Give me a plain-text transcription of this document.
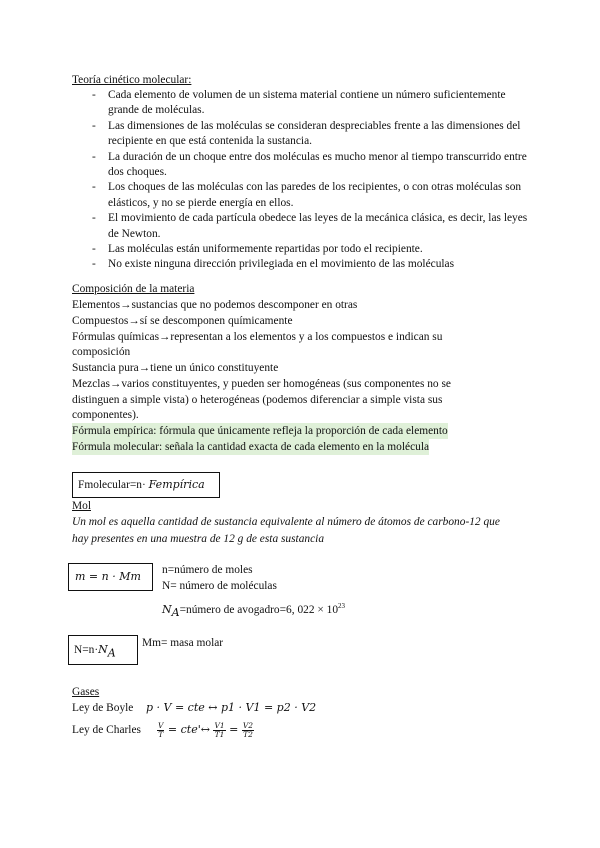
Teoría cinético molecular:
- Cada elemento de volumen de un sistema material contiene un número suficientemente grande de moléculas.
- Las dimensiones de las moléculas se consideran despreciables frente a las dimensiones del recipiente en que está contenida la sustancia.
- La duración de un choque entre dos moléculas es mucho menor al tiempo transcurrido entre dos choques.
- Los choques de las moléculas con las paredes de los recipientes, o con otras moléculas son elásticos, y no se pierde energía en ellos.
- El movimiento de cada partícula obedece las leyes de la mecánica clásica, es decir, las leyes de Newton.
- Las moléculas están uniformemente repartidas por todo el recipiente.
- No existe ninguna dirección privilegiada en el movimiento de las moléculas
Composición de la materia
Elementos→sustancias que no podemos descomponer en otras
Compuestos→sí se descomponen químicamente
Fórmulas químicas→representan a los elementos y a los compuestos e indican su
composición
Sustancia pura→tiene un único constituyente
Mezclas→varios constituyentes, y pueden ser homogéneas (sus componentes no se
distinguen a simple vista) o heterogéneas (podemos diferenciar a simple vista sus
componentes).
Fórmula empírica: fórmula que únicamente refleja la proporción de cada elemento
Fórmula molecular: señala la cantidad exacta de cada elemento en la molécula
Fmolecular=n· Fempírica
Mol
Un mol es aquella cantidad de sustancia equivalente al número de átomos de carbono-12 que
hay presentes en una muestra de 12 g de esta sustancia
m = n · Mm n=número de moles
N= número de moléculas
$N_A=número$ de avogadro=6, $022 \times 10^{23}$
$N=n\cdot N_A$
Mm= masa molar
Gases
Ley de Boyle p · V = cte ↔ p1 · V1 = p2 · V2
Ley de Charles $\frac{V}{T}$ = cte'↔ $\frac{V1}{T1} = \frac{V2}{T2}$
